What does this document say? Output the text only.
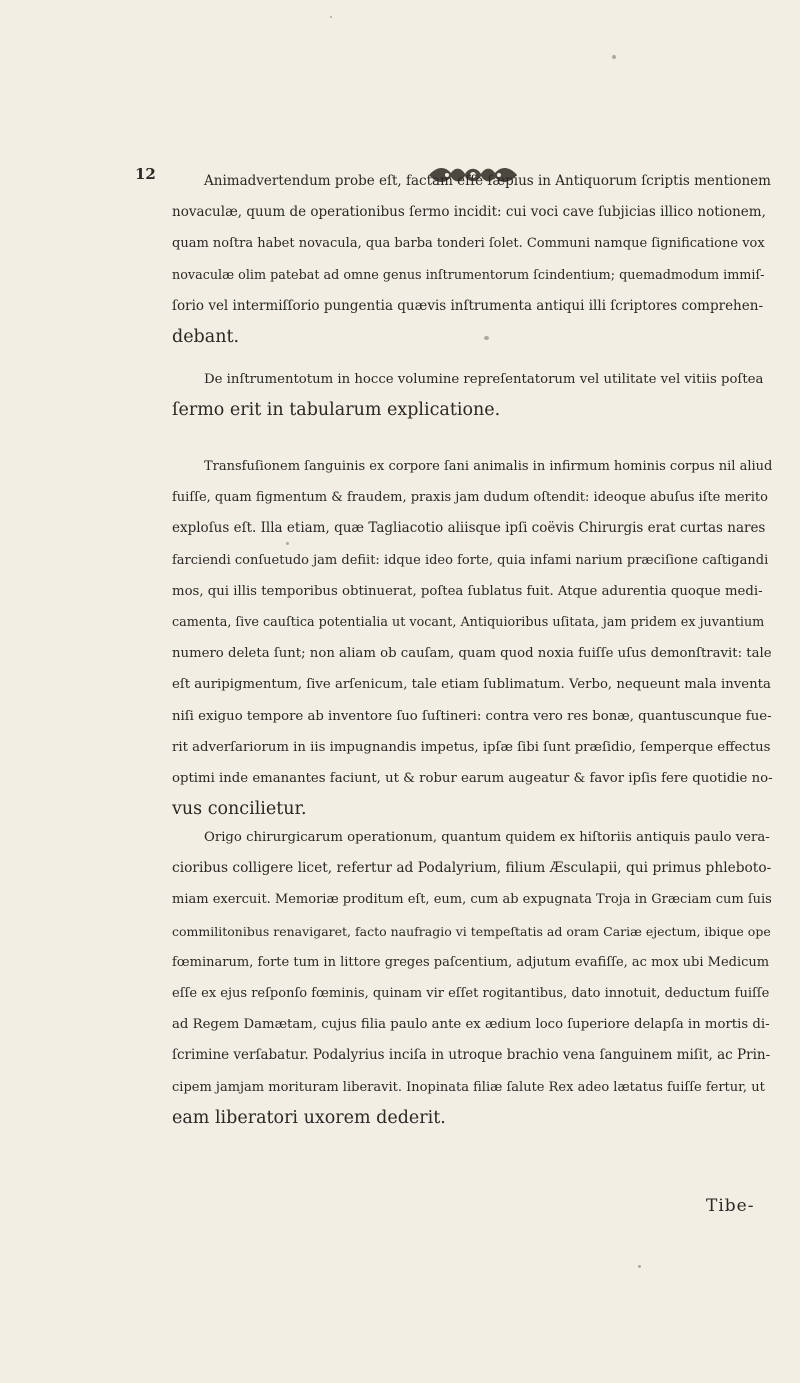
12	Animadvertendum probe eſt, factam eſſe ſæpius in Antiquorum ſcriptis mentionem
novaculæ, quum de operationibus ſermo incidit: cui voci cave ſubjicias illico notionem,
quam noſtra habet novacula, qua barba tonderi ſolet. Communi namque ſignificatione vox
novaculæ olim patebat ad omne genus inſtrumentorum ſcindentium; quemadmodum immiſ-
ſorio vel intermiſſorio pungentia quævis inſtrumenta antiqui illi ſcriptores comprehen-
debant.
De inſtrumentotum in hocce volumine repreſentatorum vel utilitate vel vitiis poſtea
ſermo erit in tabularum explicatione.
Transfuſionem ſanguinis ex corpore ſani animalis in infirmum hominis corpus nil aliud
fuiſſe, quam figmentum & fraudem, praxis jam dudum oſtendit: ideoque abuſus iſte merito
exploſus eſt. Illa etiam, quæ Tagliacotio aliisque ipſi coëvis Chirurgis erat curtas nares
farciendi conſuetudo jam defiit: idque ideo forte, quia infami narium præciſione caſtigandi
mos, qui illis temporibus obtinuerat, poſtea ſublatus fuit. Atque adurentia quoque medi-
camenta, ſive cauſtica potentialia ut vocant, Antiquioribus uſitata, jam pridem ex juvantium
numero deleta ſunt; non aliam ob cauſam, quam quod noxia fuiſſe uſus demonſtravit: tale
eſt auripigmentum, ſive arſenicum, tale etiam ſublimatum. Verbo, nequeunt mala inventa
niſi exiguo tempore ab inventore ſuo ſuſtineri: contra vero res bonæ, quantuscunque fue-
rit adverſariorum in iis impugnandis impetus, ipſæ ſibi ſunt præſidio, ſemperque effectus
optimi inde emanantes faciunt, ut & robur earum augeatur & favor ipſis fere quotidie no-
vus concilietur.
Origo chirurgicarum operationum, quantum quidem ex hiſtoriis antiquis paulo vera-
cioribus colligere licet, refertur ad Podalyrium, filium Æsculapii, qui primus phleboto-
miam exercuit. Memoriæ proditum eſt, eum, cum ab expugnata Troja in Græciam cum ſuis
commilitonibus renavigaret, facto naufragio vi tempeſtatis ad oram Cariæ ejectum, ibique ope
fœminarum, forte tum in littore greges paſcentium, adjutum evafiſſe, ac mox ubi Medicum
eſſe ex ejus reſponſo fœminis, quinam vir eſſet rogitantibus, dato innotuit, deductum fuiſſe
ad Regem Damætam, cujus filia paulo ante ex ædium loco ſuperiore delapſa in mortis di-
ſcrimine verſabatur. Podalyrius inciſa in utroque brachio vena ſanguinem miſit, ac Prin-
cipem jamjam morituram liberavit. Inopinata filiæ ſalute Rex adeo lætatus fuiſſe fertur, ut
eam liberatori uxorem dederit.
Tibe-
